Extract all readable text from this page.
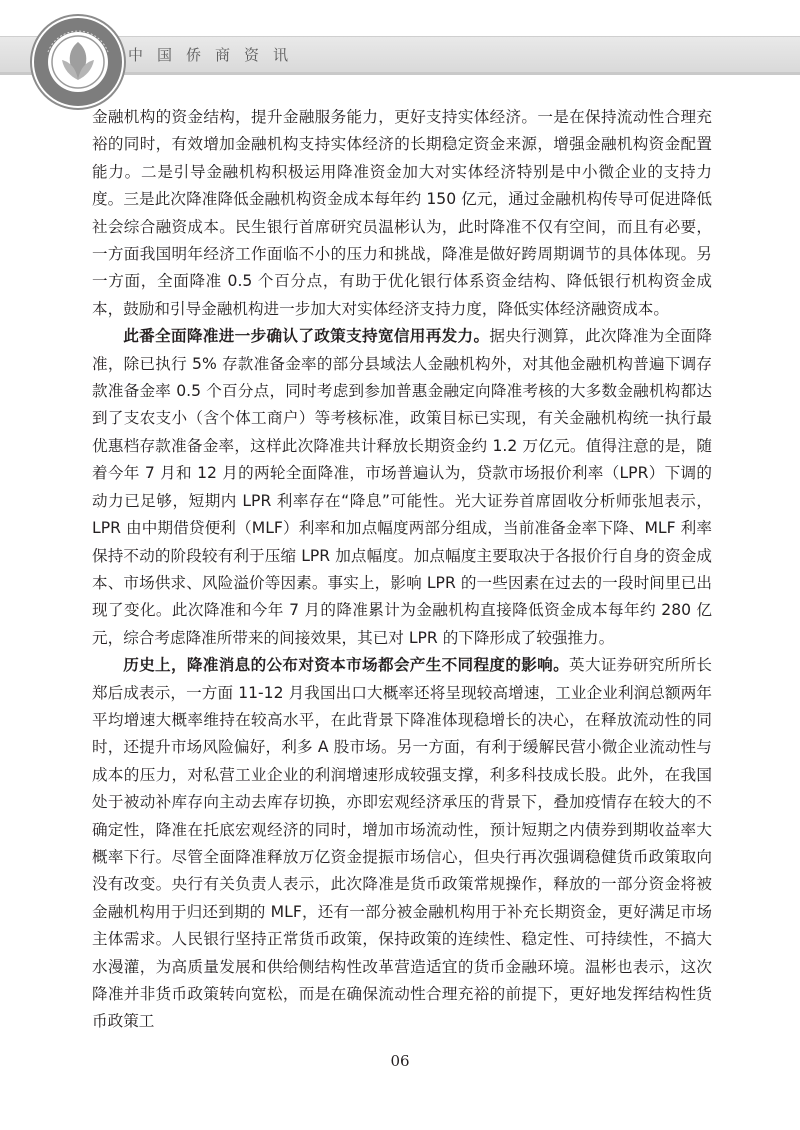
中国侨商资讯

金融机构的资金结构，提升金融服务能力，更好支持实体经济。一是在保持流动性合理充裕的同时，有效增加金融机构支持实体经济的长期稳定资金来源，增强金融机构资金配置能力。二是引导金融机构积极运用降准资金加大对实体经济特别是中小微企业的支持力度。三是此次降准降低金融机构资金成本每年约 150 亿元，通过金融机构传导可促进降低社会综合融资成本。民生银行首席研究员温彬认为，此时降准不仅有空间，而且有必要，一方面我国明年经济工作面临不小的压力和挑战，降准是做好跨周期调节的具体体现。另一方面，全面降准 0.5 个百分点，有助于优化银行体系资金结构、降低银行机构资金成本，鼓励和引导金融机构进一步加大对实体经济支持力度，降低实体经济融资成本。

此番全面降准进一步确认了政策支持宽信用再发力。据央行测算，此次降准为全面降准，除已执行 5% 存款准备金率的部分县域法人金融机构外，对其他金融机构普遍下调存款准备金率 0.5 个百分点，同时考虑到参加普惠金融定向降准考核的大多数金融机构都达到了支农支小（含个体工商户）等考核标准，政策目标已实现，有关金融机构统一执行最优惠档存款准备金率，这样此次降准共计释放长期资金约 1.2 万亿元。值得注意的是，随着今年 7 月和 12 月的两轮全面降准，市场普遍认为，贷款市场报价利率（LPR）下调的动力已足够，短期内 LPR 利率存在“降息”可能性。光大证券首席固收分析师张旭表示，LPR 由中期借贷便利（MLF）利率和加点幅度两部分组成，当前准备金率下降、MLF 利率保持不动的阶段较有利于压缩 LPR 加点幅度。加点幅度主要取决于各报价行自身的资金成本、市场供求、风险溢价等因素。事实上，影响 LPR 的一些因素在过去的一段时间里已出现了变化。此次降准和今年 7 月的降准累计为金融机构直接降低资金成本每年约 280 亿元，综合考虑降准所带来的间接效果，其已对 LPR 的下降形成了较强推力。

历史上，降准消息的公布对资本市场都会产生不同程度的影响。英大证券研究所所长郑后成表示，一方面 11-12 月我国出口大概率还将呈现较高增速，工业企业利润总额两年平均增速大概率维持在较高水平，在此背景下降准体现稳增长的决心，在释放流动性的同时，还提升市场风险偏好，利多 A 股市场。另一方面，有利于缓解民营小微企业流动性与成本的压力，对私营工业企业的利润增速形成较强支撑，利多科技成长股。此外，在我国处于被动补库存向主动去库存切换，亦即宏观经济承压的背景下，叠加疫情存在较大的不确定性，降准在托底宏观经济的同时，增加市场流动性，预计短期之内债券到期收益率大概率下行。尽管全面降准释放万亿资金提振市场信心，但央行再次强调稳健货币政策取向没有改变。央行有关负责人表示，此次降准是货币政策常规操作，释放的一部分资金将被金融机构用于归还到期的 MLF，还有一部分被金融机构用于补充长期资金，更好满足市场主体需求。人民银行坚持正常货币政策，保持政策的连续性、稳定性、可持续性，不搞大水漫灌，为高质量发展和供给侧结构性改革营造适宜的货币金融环境。温彬也表示，这次降准并非货币政策转向宽松，而是在确保流动性合理充裕的前提下，更好地发挥结构性货币政策工

06
